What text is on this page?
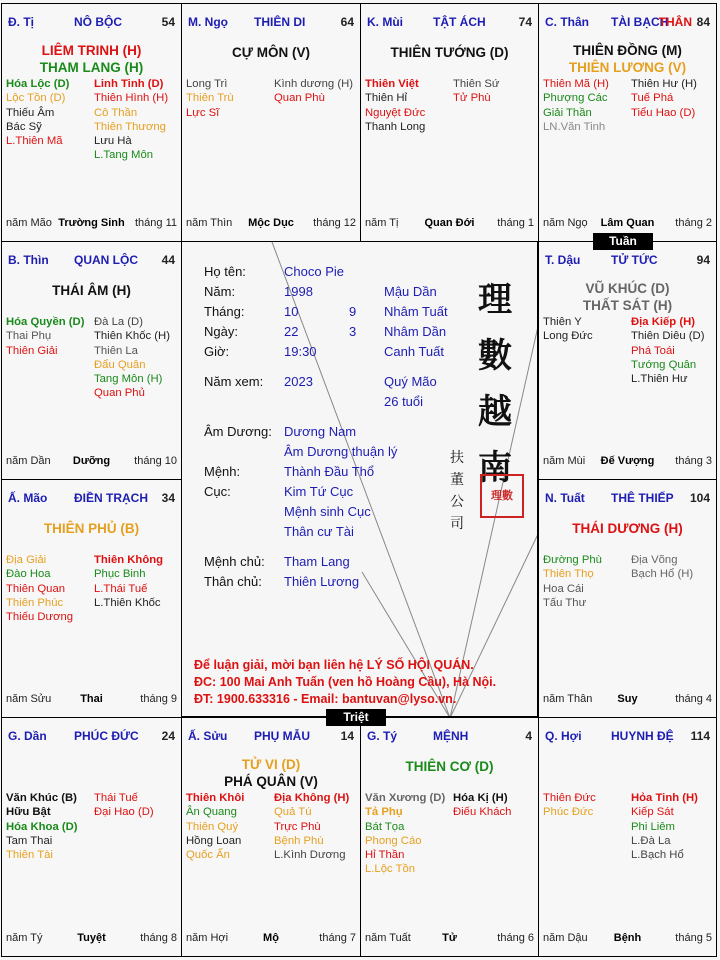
Đ. Tị	NÔ BỘC	54
LIÊM TRINH (H)
THAM LANG (H)
Hóa Lộc (D)
Lộc Tồn (D)
Thiếu Âm
Bác Sỹ
L.Thiên Mã
Linh Tinh (D)
Thiên Hình (H)
Cô Thần
Thiên Thương
Lưu Hà
L.Tang Môn
năm Mão Trường Sinh tháng 11
M. Ngọ THIÊN DI	64
CỰ MÔN (V)
Long Trì
Thiên Trù
Lực Sĩ
Kình dương (H)
Quan Phù
năm Thìn	Mộc Dục	tháng 12
K. Mùi	TẬT ÁCH	74
THIÊN TƯỚNG (D)
Thiên Việt
Thiên Hỉ
Nguyệt Đức
Thanh Long
Thiên Sứ
Tử Phù
năm Tị	Quan Đới	tháng 1
C. Thân TÀI BẠCH
THÂN 84
THIÊN ĐỒNG (M)
THIÊN LƯƠNG (V)
Thiên Mã (H)
Phượng Các
Giải Thần
LN.Văn Tinh
Thiên Hư (H)
Tuế Phá
Tiểu Hao (D)
năm Ngọ	Lâm Quan	tháng 2
B. Thìn QUAN LỘC 44
THÁI ÂM (H)
Hóa Quyền (D)
Thai Phụ
Thiên Giải
Đà La (D)
Thiên Khốc (H)
Thiên La
Đẩu Quân
Tang Môn (H)
Quan Phủ
năm Dần	Dưỡng	tháng 10
T. Dậu	TỬ TỨC	94
VŨ KHÚC (D)
THẤT SÁT (H)
Thiên Y
Long Đức
Địa Kiếp (H)
Thiên Diêu (D)
Phá Toái
Tướng Quân
L.Thiên Hư
năm Mùi	Đế Vượng	tháng 3
Ấ. Mão ĐIỀN TRẠCH 34
THIÊN PHỦ (B)
Địa Giải
Đào Hoa
Thiên Quan
Thiên Phúc
Thiếu Dương
Thiên Không
Phục Binh
L.Thái Tuế
L.Thiên Khốc
năm Sửu	Thai	tháng 9
N. Tuất THÊ THIẾP 104
THÁI DƯƠNG (H)
Đường Phù
Thiên Thọ
Hoa Cái
Tấu Thư
Địa Võng
Bạch Hổ (H)
năm Thân	Suy	tháng 4
G. Dần PHÚC ĐỨC 24
Văn Khúc (B)
Hữu Bật
Hóa Khoa (D)
Tam Thai
Thiên Tài
Thái Tuế
Đại Hao (D)
năm Tý	Tuyệt	tháng 8
Ấ. Sửu PHỤ MẪU	14
TỬ VI (D)
PHÁ QUÂN (V)
Thiên Khôi
Ân Quang
Thiên Quý
Hồng Loan
Quốc Ấn
Địa Không (H)
Quả Tú
Trực Phù
Bệnh Phù
L.Kình Dương
năm Hợi	Mộ	tháng 7
G. Tý	MỆNH	4
THIÊN CƠ (D)
Văn Xương (D)
Tả Phụ
Bát Tọa
Phong Cáo
Hỉ Thần
L.Lộc Tồn
Hóa Kị (H)
Điếu Khách
năm Tuất	Tử	tháng 6
Q. Hợi HUYNH ĐỆ 114
Thiên Đức
Phúc Đức
Hỏa Tinh (H)
Kiếp Sát
Phi Liêm
L.Đà La
L.Bạch Hổ
năm Dậu	Bệnh	tháng 5
Họ tên:	Choco Pie
Năm:	1998	Mậu Dần
Tháng:	10	9 Nhâm Tuất
Ngày:	22	3 Nhâm Dần
Giờ:	19:30	Canh Tuất
Năm xem: 2023	Quý Mão
26 tuổi
Âm Dương: Dương Nam
Âm Dương thuận lý
Mệnh:	Thành Đầu Thổ
Cục:	Kim Tứ Cục
Mệnh sinh Cục
Thân cư Tài
Mệnh chủ: Tham Lang
Thân chủ: Thiên Lương
理數越南
扶董公司
理數
Để luận giải, mời bạn liên hệ LÝ SỐ HỘI QUÁN.
ĐC: 100 Mai Anh Tuấn (ven hồ Hoàng Cầu), Hà Nội.
ĐT: 1900.633316 - Email: bantuvan@lyso.vn.
Tuần
Triệt
